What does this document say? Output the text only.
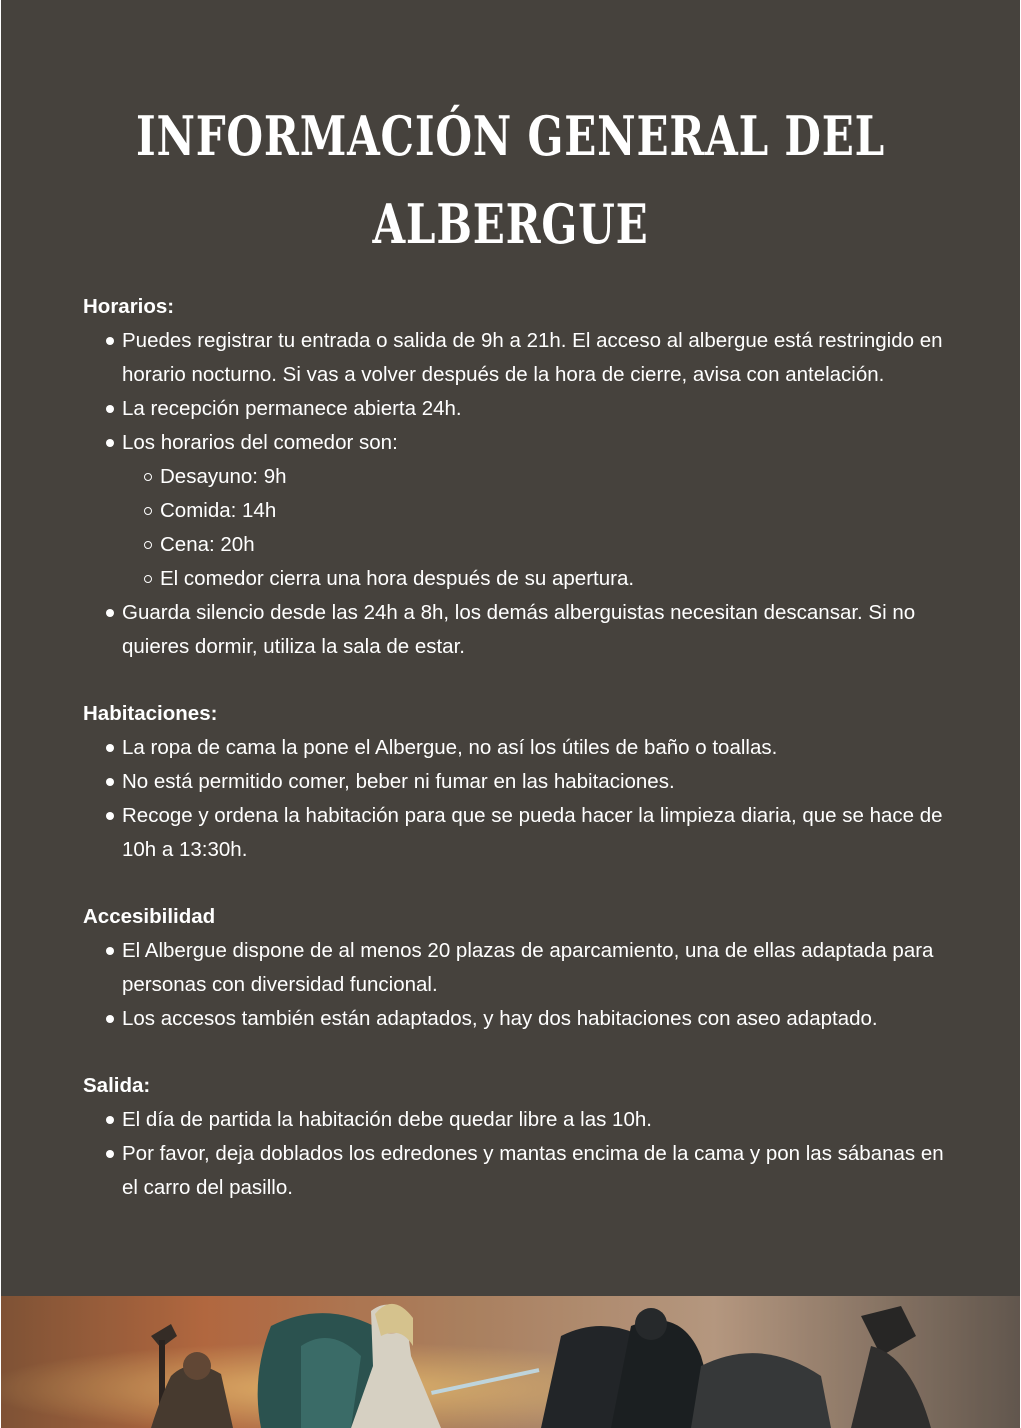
INFORMACIÓN GENERAL DEL
ALBERGUE
Horarios:
Puedes registrar tu entrada o salida de 9h a 21h. El acceso al albergue está restringido en horario nocturno. Si vas a volver después de la hora de cierre, avisa con antelación.
La recepción permanece abierta 24h.
Los horarios del comedor son:
Desayuno: 9h
Comida: 14h
Cena: 20h
El comedor cierra una hora después de su apertura.
Guarda silencio desde las 24h a 8h, los demás alberguistas necesitan descansar. Si no quieres dormir, utiliza la sala de estar.
Habitaciones:
La ropa de cama la pone el Albergue, no así los útiles de baño o toallas.
No está permitido comer, beber ni fumar en las habitaciones.
Recoge y ordena la habitación para que se pueda hacer la limpieza diaria, que se hace de 10h a 13:30h.
Accesibilidad
El Albergue dispone de al menos 20 plazas de aparcamiento, una de ellas adaptada para personas con diversidad funcional.
Los accesos también están adaptados, y hay dos habitaciones con aseo adaptado.
Salida:
El día de partida la habitación debe quedar libre a las 10h.
Por favor, deja doblados los edredones y mantas encima de la cama y pon las sábanas en el carro del pasillo.
